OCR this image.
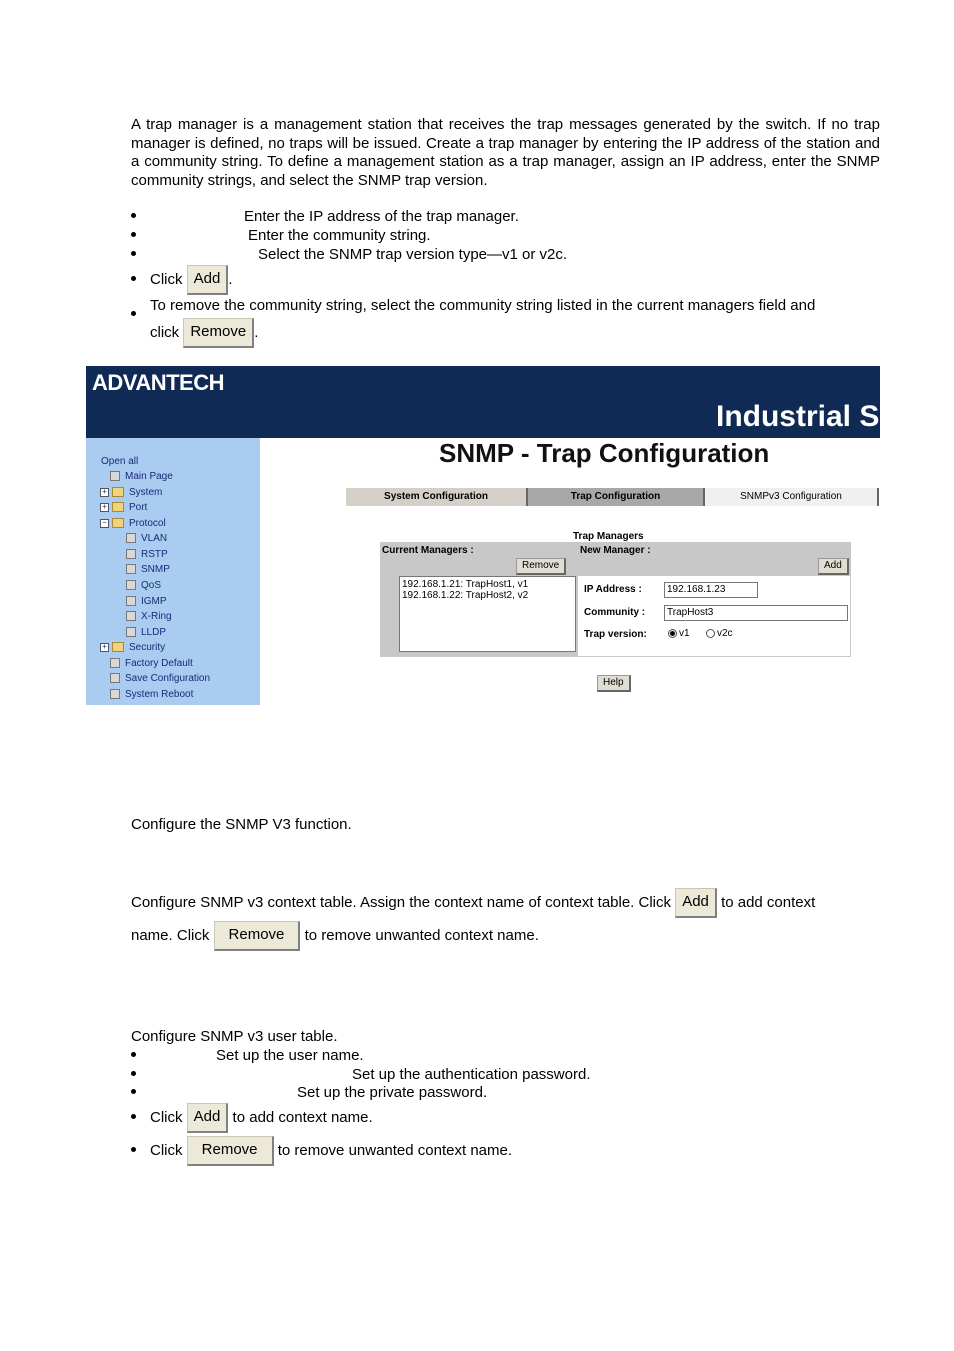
A trap manager is a management station that receives the trap messages generated by the switch. If no trap manager is defined, no traps will be issued. Create a trap manager by entering the IP address of the station and a community string. To define a management station as a trap manager, assign an IP address, enter the SNMP community strings, and select the SNMP trap version.
Enter the IP address of the trap manager.
Enter the community string.
Select the SNMP trap version type—v1 or v2c.
Click Add .
To remove the community string, select the community string listed in the current managers field and
click Remove .
ADVANTECH
Industrial S
Open all
Main Page
+ System
+ Port
− Protocol
VLAN
RSTP
SNMP
QoS
IGMP
X-Ring
LLDP
+ Security
Factory Default
Save Configuration
System Reboot
SNMP - Trap Configuration
System Configuration	Trap Configuration	SNMPv3 Configuration
Trap Managers
Current Managers :	New Manager :
Remove	Add
192.168.1.21: TrapHost1, v1
192.168.1.22: TrapHost2, v2
IP Address :	192.168.1.23
Community :	TrapHost3
Trap version:	v1	v2c
Help
Configure the SNMP V3 function.
Configure SNMP v3 context table. Assign the context name of context table. Click Add to add context
name. Click Remove to remove unwanted context name.
Configure SNMP v3 user table.
Set up the user name.
Set up the authentication password.
Set up the private password.
Click Add to add context name.
Click Remove to remove unwanted context name.
